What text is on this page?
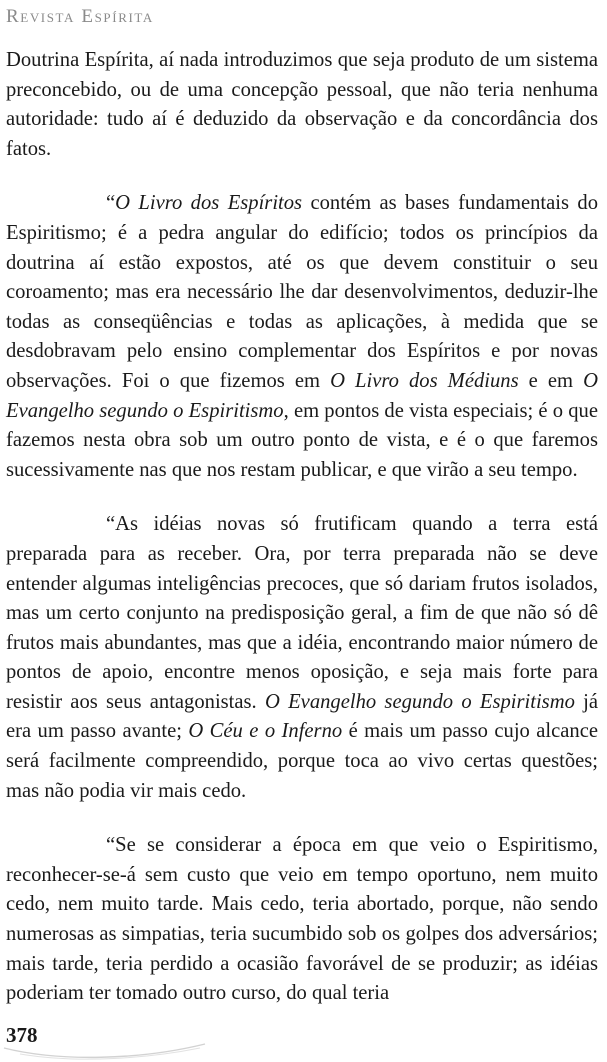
Revista Espírita

Doutrina Espírita, aí nada introduzimos que seja produto de um sistema preconcebido, ou de uma concepção pessoal, que não teria nenhuma autoridade: tudo aí é deduzido da observação e da concordância dos fatos.

“O Livro dos Espíritos contém as bases fundamentais do Espiritismo; é a pedra angular do edifício; todos os princípios da doutrina aí estão expostos, até os que devem constituir o seu coroamento; mas era necessário lhe dar desenvolvimentos, deduzir-lhe todas as conseqüências e todas as aplicações, à medida que se desdobravam pelo ensino complementar dos Espíritos e por novas observações. Foi o que fizemos em O Livro dos Médiuns e em O Evangelho segundo o Espiritismo, em pontos de vista especiais; é o que fazemos nesta obra sob um outro ponto de vista, e é o que faremos sucessivamente nas que nos restam publicar, e que virão a seu tempo.

“As idéias novas só frutificam quando a terra está preparada para as receber. Ora, por terra preparada não se deve entender algumas inteligências precoces, que só dariam frutos isolados, mas um certo conjunto na predisposição geral, a fim de que não só dê frutos mais abundantes, mas que a idéia, encontrando maior número de pontos de apoio, encontre menos oposição, e seja mais forte para resistir aos seus antagonistas. O Evangelho segundo o Espiritismo já era um passo avante; O Céu e o Inferno é mais um passo cujo alcance será facilmente compreendido, porque toca ao vivo certas questões; mas não podia vir mais cedo.

“Se se considerar a época em que veio o Espiritismo, reconhecer-se-á sem custo que veio em tempo oportuno, nem muito cedo, nem muito tarde. Mais cedo, teria abortado, porque, não sendo numerosas as simpatias, teria sucumbido sob os golpes dos adversários; mais tarde, teria perdido a ocasião favorável de se produzir; as idéias poderiam ter tomado outro curso, do qual teria

378
